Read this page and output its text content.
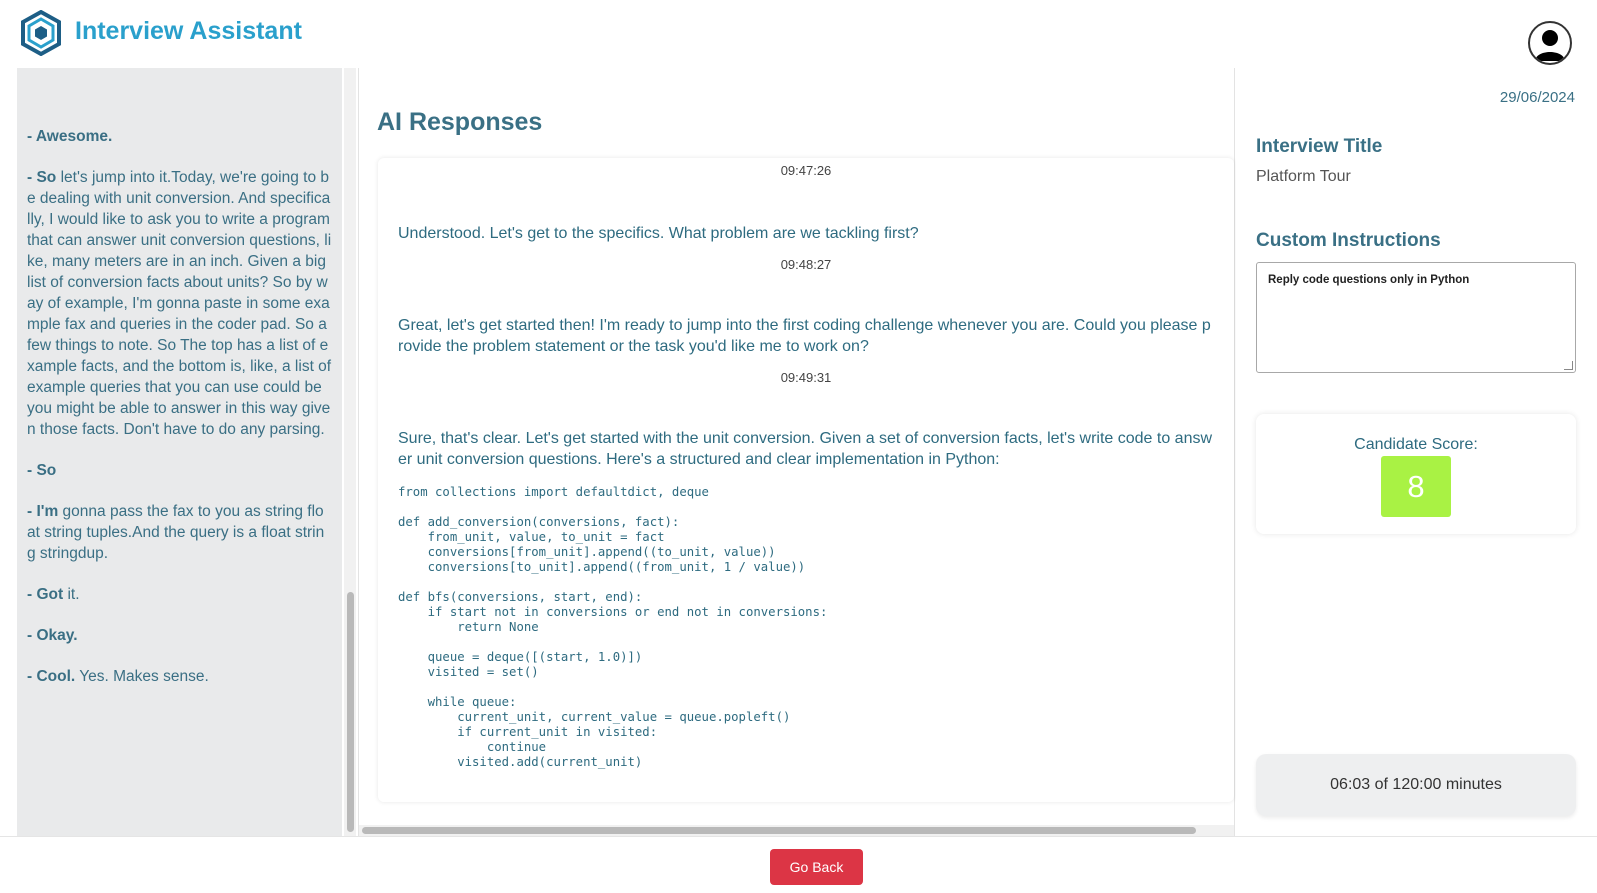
Interview Assistant
- Awesome.
- So let's jump into it.Today, we're going to be dealing with unit conversion. And specifically, I would like to ask you to write a program that can answer unit conversion questions, like, many meters are in an inch. Given a big list of conversion facts about units? So by way of example, I'm gonna paste in some example fax and queries in the coder pad. So a few things to note. So The top has a list of example facts, and the bottom is, like, a list of example queries that you can use could be you might be able to answer in this way given those facts. Don't have to do any parsing.
- So
- I'm gonna pass the fax to you as string float string tuples.And the query is a float string stringdup.
- Got it.
- Okay.
- Cool. Yes. Makes sense.
AI Responses
09:47:26
Understood. Let's get to the specifics. What problem are we tackling first?
09:48:27
Great, let's get started then! I'm ready to jump into the first coding challenge whenever you are. Could you please provide the problem statement or the task you'd like me to work on?
09:49:31
Sure, that's clear. Let's get started with the unit conversion. Given a set of conversion facts, let's write code to answer unit conversion questions. Here's a structured and clear implementation in Python:
from collections import defaultdict, deque

def add_conversion(conversions, fact):
from_unit, value, to_unit = fact
conversions[from_unit].append((to_unit, value))
conversions[to_unit].append((from_unit, 1 / value))

def bfs(conversions, start, end):
if start not in conversions or end not in conversions:
return None

queue = deque([(start, 1.0)])
visited = set()

while queue:
current_unit, current_value = queue.popleft()
if current_unit in visited:
continue
visited.add(current_unit)
29/06/2024
Interview Title
Platform Tour
Custom Instructions
Reply code questions only in Python
Candidate Score:
8
06:03 of 120:00 minutes
Go Back
